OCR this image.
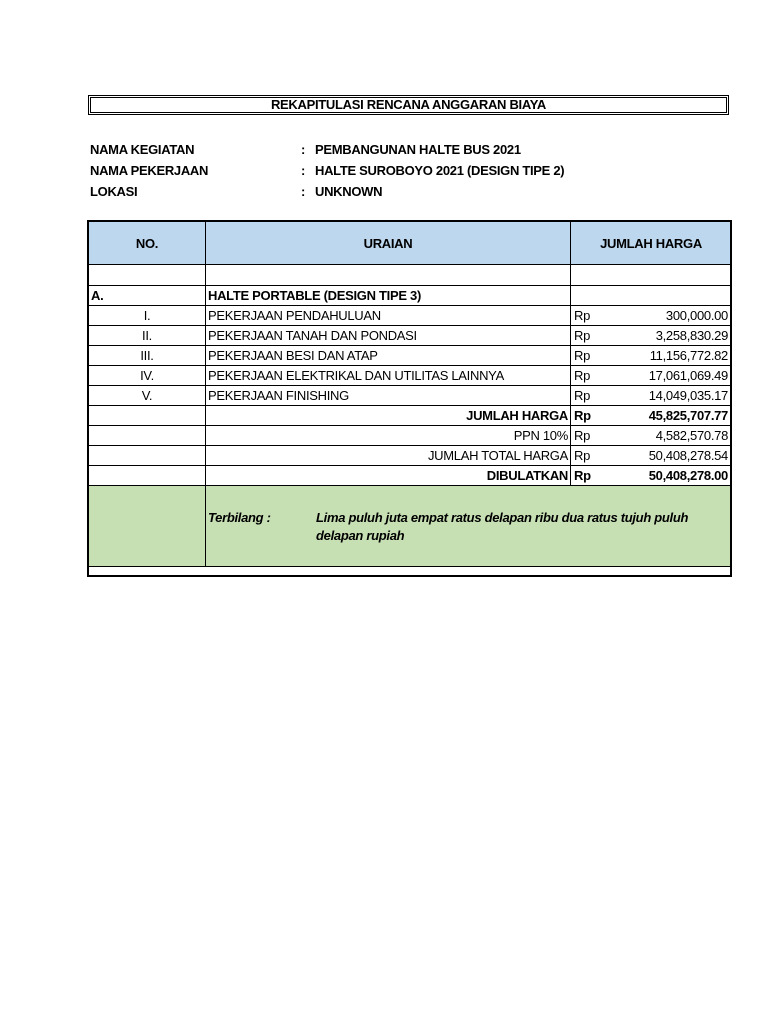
REKAPITULASI RENCANA ANGGARAN BIAYA
NAMA KEGIATAN	: PEMBANGUNAN HALTE BUS 2021
NAMA PEKERJAAN	: HALTE SUROBOYO 2021 (DESIGN TIPE 2)
LOKASI	: UNKNOWN
NO.	URAIAN	JUMLAH HARGA

A.	HALTE PORTABLE (DESIGN TIPE 3)	
I.	PEKERJAAN PENDAHULUAN	Rp 300,000.00

II.	PEKERJAAN TANAH DAN PONDASI	Rp 3,258,830.29

III.	PEKERJAAN BESI DAN ATAP	Rp 11,156,772.82

IV.	PEKERJAAN ELEKTRIKAL DAN UTILITAS LAINNYA	Rp 17,061,069.49

V.	PEKERJAAN FINISHING	Rp 14,049,035.17

	JUMLAH HARGA	Rp 45,825,707.77

	PPN 10%	Rp 4,582,570.78

	JUMLAH TOTAL HARGA	Rp 50,408,278.54

	DIBULATKAN	Rp 50,408,278.00

	Terbilang : Lima puluh juta empat ratus delapan ribu dua ratus tujuh puluh delapan rupiah	
